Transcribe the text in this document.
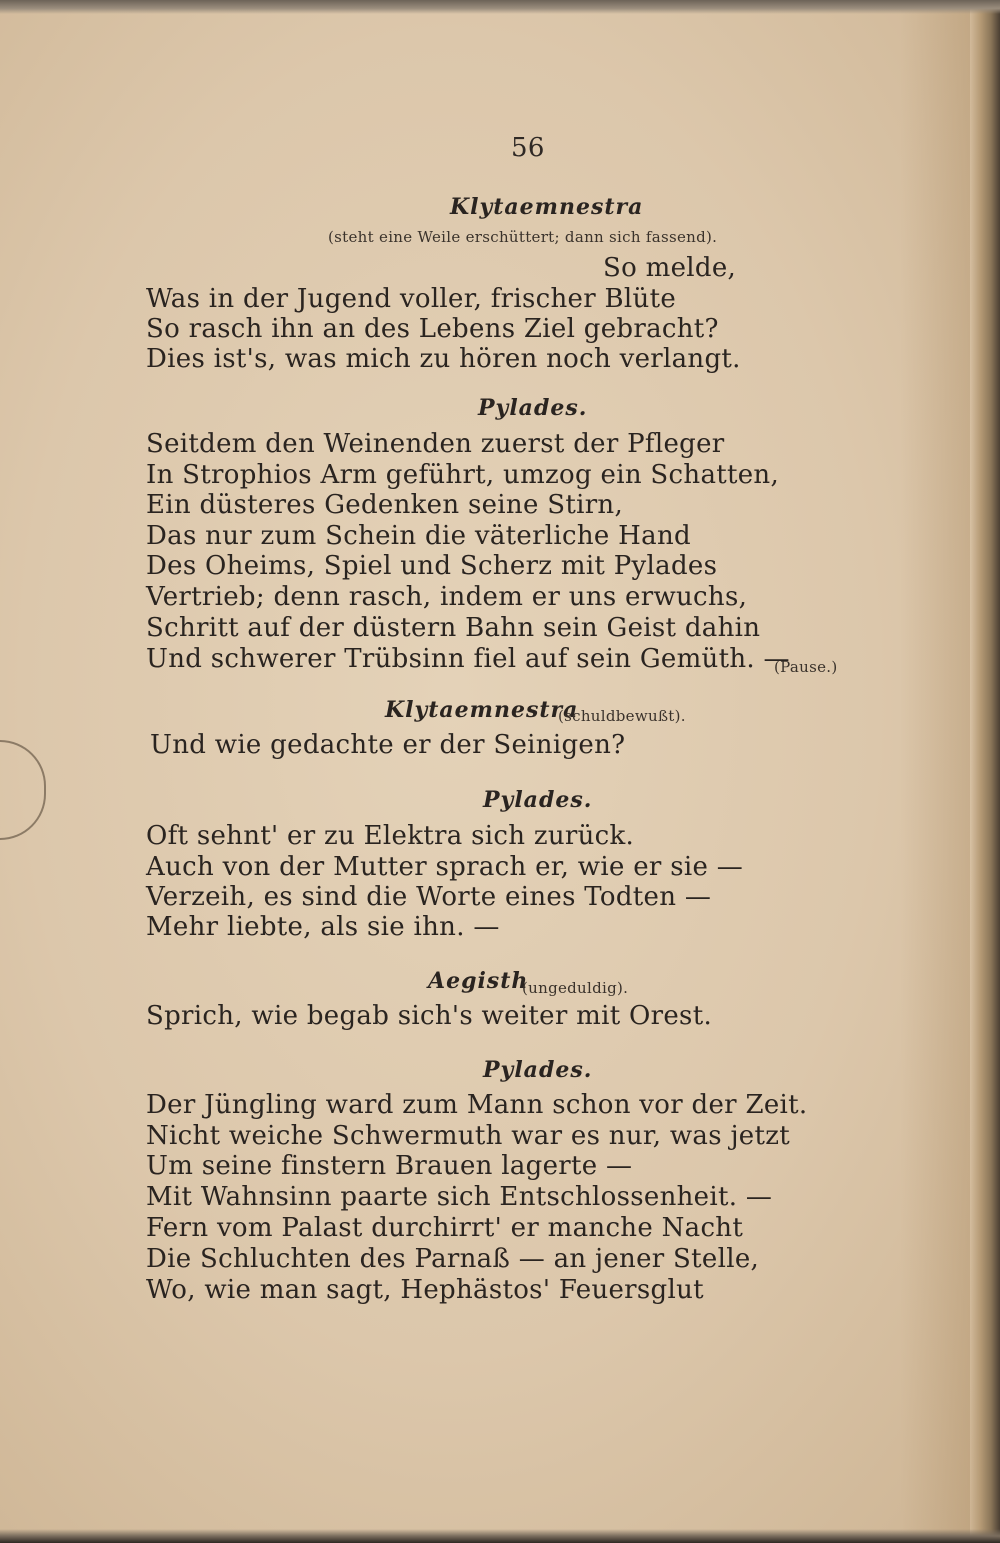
56
Klytaemnestra
(steht eine Weile erschüttert; dann sich fassend).
So melde,
Was in der Jugend voller, frischer Blüte
So rasch ihn an des Lebens Ziel gebracht?
Dies ist's, was mich zu hören noch verlangt.
Pylades.
Seitdem den Weinenden zuerst der Pfleger
In Strophios Arm geführt, umzog ein Schatten,
Ein düsteres Gedenken seine Stirn,
Das nur zum Schein die väterliche Hand
Des Oheims, Spiel und Scherz mit Pylades
Vertrieb; denn rasch, indem er uns erwuchs,
Schritt auf der düstern Bahn sein Geist dahin
Und schwerer Trübsinn fiel auf sein Gemüth. —
(Pause.)
Klytaemnestra
(schuldbewußt).
Und wie gedachte er der Seinigen?
Pylades.
Oft sehnt' er zu Elektra sich zurück.
Auch von der Mutter sprach er, wie er sie —
Verzeih, es sind die Worte eines Todten —
Mehr liebte, als sie ihn. —
Aegisth
(ungeduldig).
Sprich, wie begab sich's weiter mit Orest.
Pylades.
Der Jüngling ward zum Mann schon vor der Zeit.
Nicht weiche Schwermuth war es nur, was jetzt
Um seine finstern Brauen lagerte —
Mit Wahnsinn paarte sich Entschlossenheit. —
Fern vom Palast durchirrt' er manche Nacht
Die Schluchten des Parnaß — an jener Stelle,
Wo, wie man sagt, Hephästos' Feuersglut
